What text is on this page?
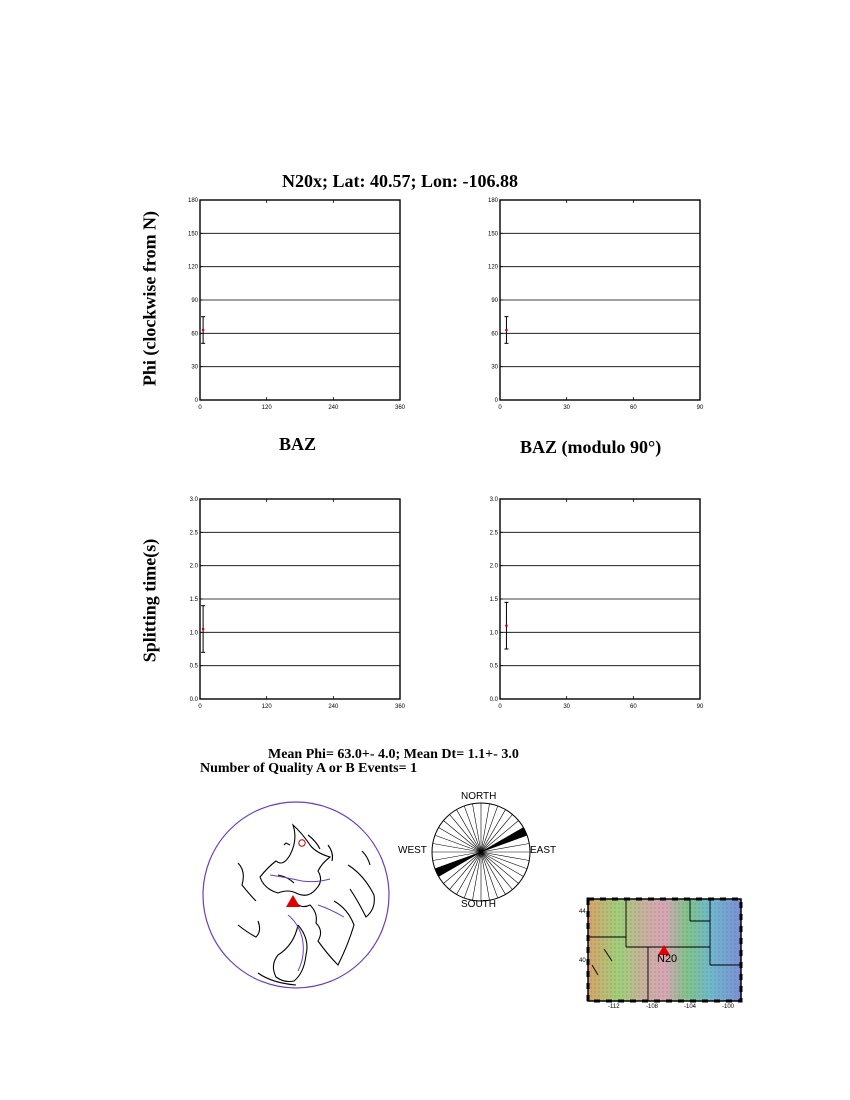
N20x; Lat: 40.57; Lon: -106.88
Phi (clockwise from N)
Splitting time(s)
BAZ	BAZ (modulo 90°)
0
30
60
90
120
150
180
0	120	240	360
0
30
60
90
120
150
180
0	30	60	90
0.0
0.5
1.0
1.5
2.0
2.5
3.0
0	120	240	360
0.0
0.5
1.0
1.5
2.0
2.5
3.0
0	30	60	90
Mean Phi= 63.0+- 4.0; Mean Dt= 1.1+- 3.0
Number of Quality A or B Events= 1
NORTH
SOUTH
EAST
WEST
N20
44
40
-112	-108	-104	-100
